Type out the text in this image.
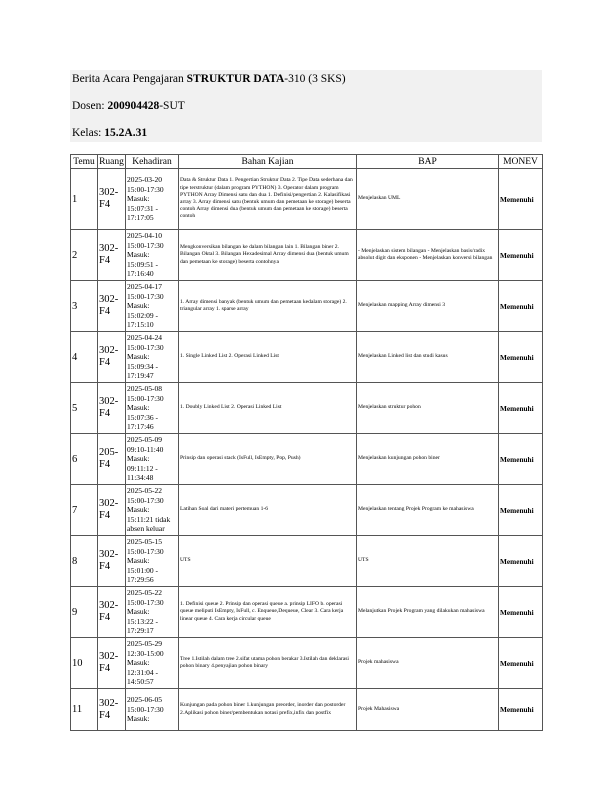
Berita Acara Pengajaran STRUKTUR DATA-310 (3 SKS)
Dosen: 200904428-SUT
Kelas: 15.2A.31
Temu	Ruang	Kehadiran	Bahan Kajian	BAP	MONEV
1	302-F4	2025-03-20 15:00-17:30 Masuk: 15:07:31 - 17:17:05	Data & Struktur Data 1. Pengertian Struktur Data 2. Tipe Data sederhana dan tipe terstruktur (dalam program PYTHON) 3. Operator dalam program PYTHON Array Dimensi satu dan dua 1. Definisi/pengertian 2. Kalasifikasi array 3. Array dimensi satu (bentuk umum dan pemetaan ke storage) beserta contoh Array dimensi dua (bentuk umum dan pemetaan ke storage) beserta contoh	Menjelaskan UML	Memenuhi
2	302-F4	2025-04-10 15:00-17:30 Masuk: 15:09:51 - 17:16:40	Mengkonversikan bilangan ke dalam bilangan lain 1. Bilangan biner 2. Bilangan Oktal 3. Bilangan Hexadesimal Array dimensi dua (bentuk umum dan pemetaan ke storage) beserta contohnya	- Menjelaskan sistem bilangan - Menjelaskan basis/radix absolut digit dan eksponen - Menjelaskan konversi bilangan	Memenuhi
3	302-F4	2025-04-17 15:00-17:30 Masuk: 15:02:09 - 17:15:10	1. Array dimensi banyak (bentuk umum dan pemetaan kedalam storage) 2. triangular array 1. sparse array	Menjelaskan mapping Array dimensi 3	Memenuhi
4	302-F4	2025-04-24 15:00-17:30 Masuk: 15:09:34 - 17:19:47	1. Single Linked List 2. Operasi Linked List	Menjelaskan Linked list dan studi kasus	Memenuhi
5	302-F4	2025-05-08 15:00-17:30 Masuk: 15:07:36 - 17:17:46	1. Doubly Linked List 2. Operasi Linked List	Menjelaskan struktur pohon	Memenuhi
6	205-F4	2025-05-09 09:10-11:40 Masuk: 09:11:12 - 11:34:48	Prinsip dan operasi stack (IsFull, IsEmpty, Pop, Push)	Menjelaskan kunjungan pohon biner	Memenuhi
7	302-F4	2025-05-22 15:00-17:30 Masuk: 15:11:21 tidak absen keluar	Latihan Soal dari materi pertemuan 1-6	Menjelaskan tentang Projek Program ke mahasiswa	Memenuhi
8	302-F4	2025-05-15 15:00-17:30 Masuk: 15:01:00 - 17:29:56	UTS	UTS	Memenuhi
9	302-F4	2025-05-22 15:00-17:30 Masuk: 15:13:22 - 17:29:17	1. Definisi queue 2. Prinsip dan operasi queue a. prinsip LIFO b. operasi queue meliputi IsEmpty, IsFull, c. Enqueue,Dequeue, Clear 3. Cara kerja linear queue 4. Cara kerja circular queue	Melanjutkan Projek Program yang dilakukan mahasiswa	Memenuhi
10	302-F4	2025-05-29 12:30-15:00 Masuk: 12:31:04 - 14:50:57	Tree 1.Istilah dalam tree 2.sifat utama pohon berakar 3.Istilah dan deklarasi pohon binary 4.penyajian pohon binary	Projek mahasiswa	Memenuhi
11	302-F4	2025-06-05 15:00-17:30 Masuk:	Kunjungan pada pohon biner 1.kunjungan preorder, inorder dan postorder 2.Aplikasi pohon biner/pembentukan notasi prefix,infix dan postfix	Projek Mahasiswa	Memenuhi
